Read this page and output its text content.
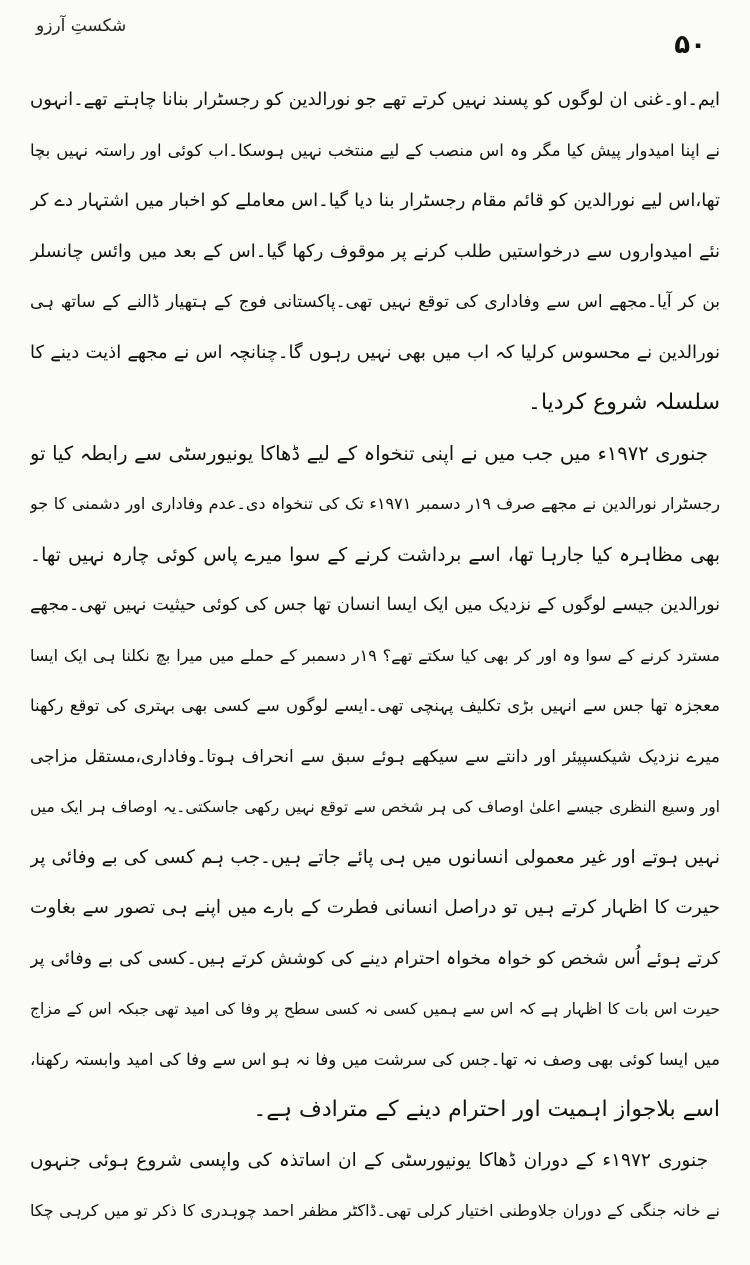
شکستِ آرزو
۵۰
ایم۔او۔غنی ان لوگوں کو پسند نہیں کرتے تھے جو نورالدین کو رجسٹرار بنانا چاہتے تھے۔انہوں
نے اپنا امیدوار پیش کیا مگر وہ اس منصب کے لیے منتخب نہیں ہوسکا۔اب کوئی اور راستہ نہیں بچا
تھا،اس لیے نورالدین کو قائم مقام رجسٹرار بنا دیا گیا۔اس معاملے کو اخبار میں اشتہار دے کر
نئے امیدواروں سے درخواستیں طلب کرنے پر موقوف رکھا گیا۔اس کے بعد میں وائس چانسلر
بن کر آیا۔مجھے اس سے وفاداری کی توقع نہیں تھی۔پاکستانی فوج کے ہتھیار ڈالنے کے ساتھ ہی
نورالدین نے محسوس کرلیا کہ اب میں بھی نہیں رہوں گا۔چنانچہ اس نے مجھے اذیت دینے کا
سلسلہ شروع کردیا۔
جنوری ۱۹۷۲ء میں جب میں نے اپنی تنخواہ کے لیے ڈھاکا یونیورسٹی سے رابطہ کیا تو
رجسٹرار نورالدین نے مجھے صرف ۱۹ر دسمبر ۱۹۷۱ء تک کی تنخواہ دی۔عدم وفاداری اور دشمنی کا جو
بھی مظاہرہ کیا جارہا تھا، اسے برداشت کرنے کے سوا میرے پاس کوئی چارہ نہیں تھا۔
نورالدین جیسے لوگوں کے نزدیک میں ایک ایسا انسان تھا جس کی کوئی حیثیت نہیں تھی۔مجھے
مسترد کرنے کے سوا وہ اور کر بھی کیا سکتے تھے؟ ۱۹ر دسمبر کے حملے میں میرا بچ نکلنا ہی ایک ایسا
معجزہ تھا جس سے انہیں بڑی تکلیف پہنچی تھی۔ایسے لوگوں سے کسی بھی بہتری کی توقع رکھنا
میرے نزدیک شیکسپیئر اور دانتے سے سیکھے ہوئے سبق سے انحراف ہوتا۔وفاداری،مستقل مزاجی
اور وسیع النظری جیسے اعلیٰ اوصاف کی ہر شخص سے توقع نہیں رکھی جاسکتی۔یہ اوصاف ہر ایک میں
نہیں ہوتے اور غیر معمولی انسانوں میں ہی پائے جاتے ہیں۔جب ہم کسی کی بے وفائی پر
حیرت کا اظہار کرتے ہیں تو دراصل انسانی فطرت کے بارے میں اپنے ہی تصور سے بغاوت
کرتے ہوئے اُس شخص کو خواہ مخواہ احترام دینے کی کوشش کرتے ہیں۔کسی کی بے وفائی پر
حیرت اس بات کا اظہار ہے کہ اس سے ہمیں کسی نہ کسی سطح پر وفا کی امید تھی جبکہ اس کے مزاج
میں ایسا کوئی بھی وصف نہ تھا۔جس کی سرشت میں وفا نہ ہو اس سے وفا کی امید وابستہ رکھنا،
اسے بلاجواز اہمیت اور احترام دینے کے مترادف ہے۔
جنوری ۱۹۷۲ء کے دوران ڈھاکا یونیورسٹی کے ان اساتذہ کی واپسی شروع ہوئی جنہوں
نے خانہ جنگی کے دوران جلاوطنی اختیار کرلی تھی۔ڈاکٹر مظفر احمد چوہدری کا ذکر تو میں کرہی چکا
